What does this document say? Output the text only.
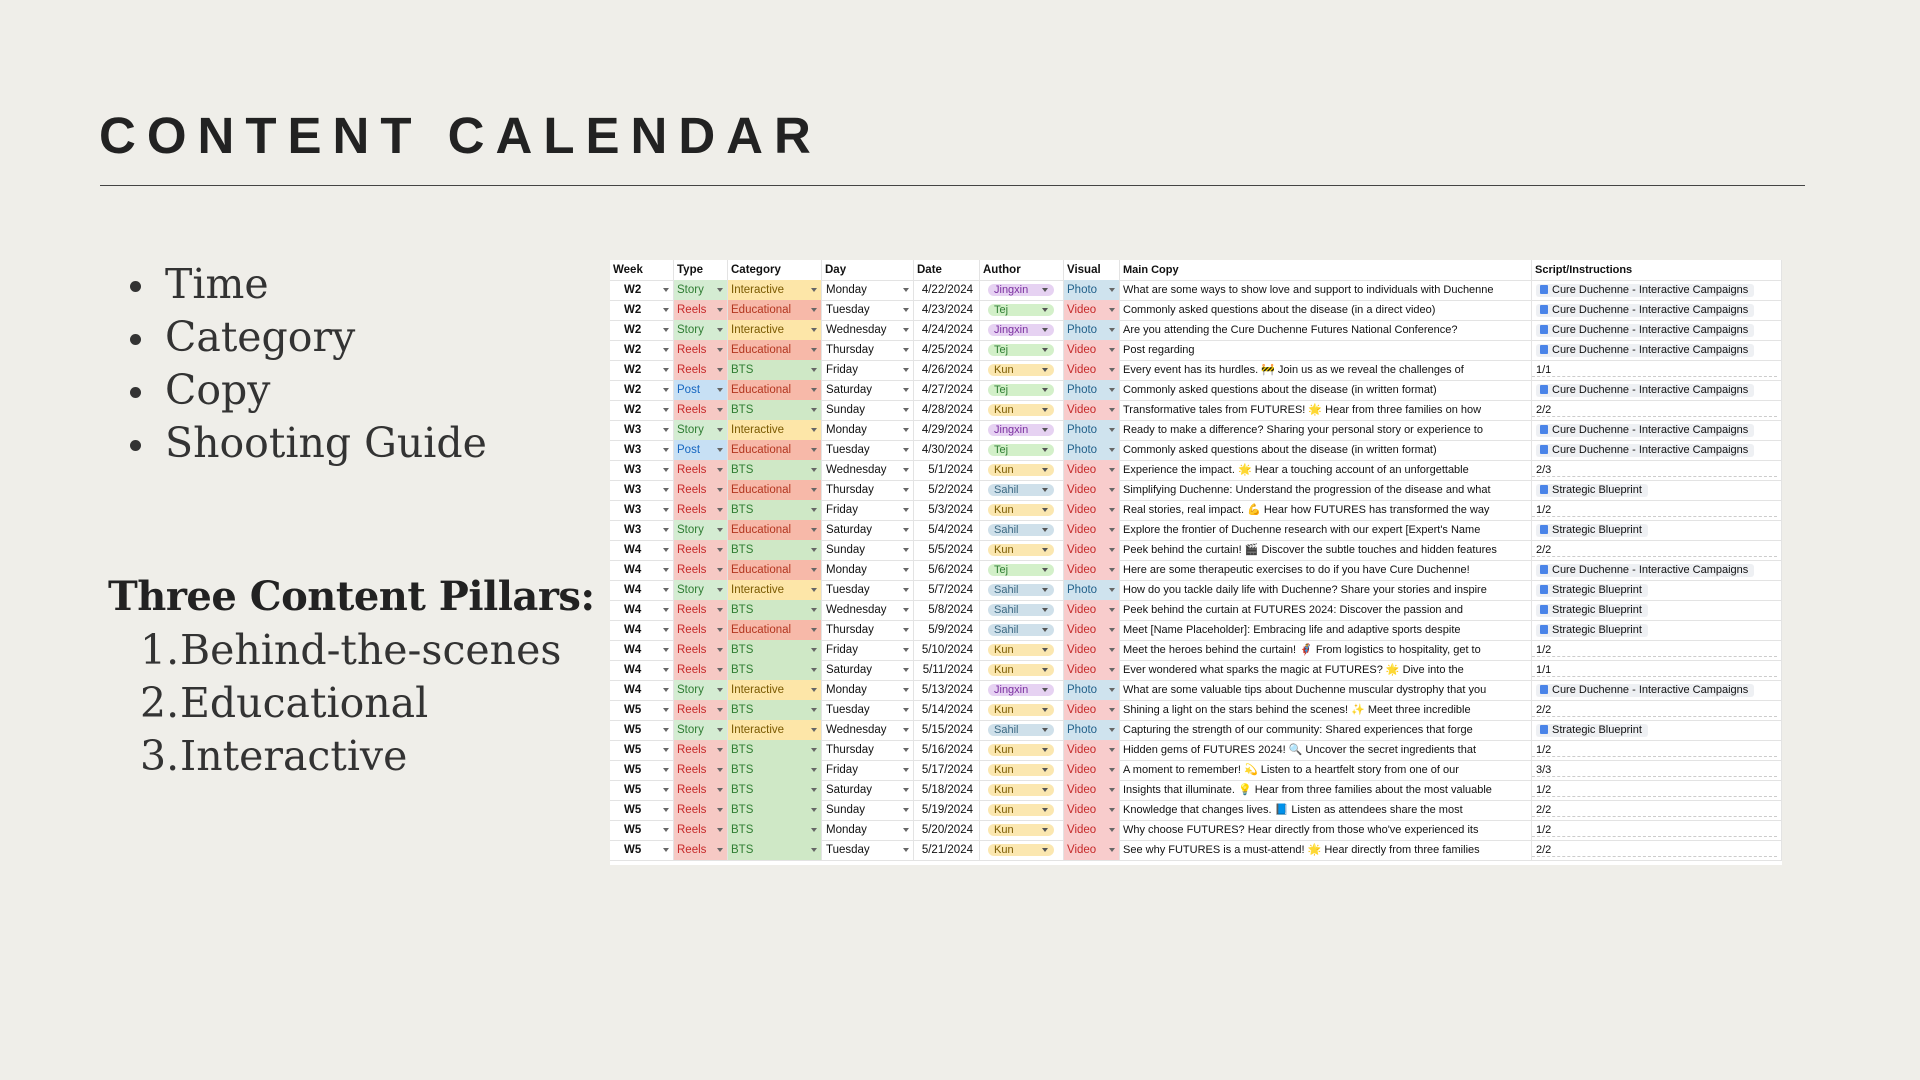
CONTENT CALENDAR
Time
Category
Copy
Shooting Guide
Three Content Pillars:
1.Behind-the-scenes
2.Educational
3.Interactive
Week	Type	Category	Day	Date	Author	Visual	Main Copy	Script/Instructions
W2	Story	Interactive	Monday	4/22/2024	Jingxin	Photo	What are some ways to show love and support to individuals with Duchenne	Cure Duchenne - Interactive Campaigns
W2	Reels	Educational	Tuesday	4/23/2024	Tej	Video	Commonly asked questions about the disease (in a direct video)	Cure Duchenne - Interactive Campaigns
W2	Story	Interactive	Wednesday	4/24/2024	Jingxin	Photo	Are you attending the Cure Duchenne Futures National Conference?	Cure Duchenne - Interactive Campaigns
W2	Reels	Educational	Thursday	4/25/2024	Tej	Video	Post regarding	Cure Duchenne - Interactive Campaigns
W2	Reels	BTS	Friday	4/26/2024	Kun	Video	Every event has its hurdles. 🚧 Join us as we reveal the challenges of	1/1
W2	Post	Educational	Saturday	4/27/2024	Tej	Photo	Commonly asked questions about the disease (in written format)	Cure Duchenne - Interactive Campaigns
W2	Reels	BTS	Sunday	4/28/2024	Kun	Video	Transformative tales from FUTURES! 🌟 Hear from three families on how	2/2
W3	Story	Interactive	Monday	4/29/2024	Jingxin	Photo	Ready to make a difference? Sharing your personal story or experience to	Cure Duchenne - Interactive Campaigns
W3	Post	Educational	Tuesday	4/30/2024	Tej	Photo	Commonly asked questions about the disease (in written format)	Cure Duchenne - Interactive Campaigns
W3	Reels	BTS	Wednesday	5/1/2024	Kun	Video	Experience the impact. 🌟 Hear a touching account of an unforgettable	2/3
W3	Reels	Educational	Thursday	5/2/2024	Sahil	Video	Simplifying Duchenne: Understand the progression of the disease and what	Strategic Blueprint
W3	Reels	BTS	Friday	5/3/2024	Kun	Video	Real stories, real impact. 💪 Hear how FUTURES has transformed the way	1/2
W3	Story	Educational	Saturday	5/4/2024	Sahil	Video	Explore the frontier of Duchenne research with our expert [Expert's Name	Strategic Blueprint
W4	Reels	BTS	Sunday	5/5/2024	Kun	Video	Peek behind the curtain! 🎬 Discover the subtle touches and hidden features	2/2
W4	Reels	Educational	Monday	5/6/2024	Tej	Video	Here are some therapeutic exercises to do if you have Cure Duchenne!	Cure Duchenne - Interactive Campaigns
W4	Story	Interactive	Tuesday	5/7/2024	Sahil	Photo	How do you tackle daily life with Duchenne? Share your stories and inspire	Strategic Blueprint
W4	Reels	BTS	Wednesday	5/8/2024	Sahil	Video	Peek behind the curtain at FUTURES 2024: Discover the passion and	Strategic Blueprint
W4	Reels	Educational	Thursday	5/9/2024	Sahil	Video	Meet [Name Placeholder]: Embracing life and adaptive sports despite	Strategic Blueprint
W4	Reels	BTS	Friday	5/10/2024	Kun	Video	Meet the heroes behind the curtain! 🦸 From logistics to hospitality, get to	1/2
W4	Reels	BTS	Saturday	5/11/2024	Kun	Video	Ever wondered what sparks the magic at FUTURES? 🌟 Dive into the	1/1
W4	Story	Interactive	Monday	5/13/2024	Jingxin	Photo	What are some valuable tips about Duchenne muscular dystrophy that you	Cure Duchenne - Interactive Campaigns
W5	Reels	BTS	Tuesday	5/14/2024	Kun	Video	Shining a light on the stars behind the scenes! ✨ Meet three incredible	2/2
W5	Story	Interactive	Wednesday	5/15/2024	Sahil	Photo	Capturing the strength of our community: Shared experiences that forge	Strategic Blueprint
W5	Reels	BTS	Thursday	5/16/2024	Kun	Video	Hidden gems of FUTURES 2024! 🔍 Uncover the secret ingredients that	1/2
W5	Reels	BTS	Friday	5/17/2024	Kun	Video	A moment to remember! 💫 Listen to a heartfelt story from one of our	3/3
W5	Reels	BTS	Saturday	5/18/2024	Kun	Video	Insights that illuminate. 💡 Hear from three families about the most valuable	1/2
W5	Reels	BTS	Sunday	5/19/2024	Kun	Video	Knowledge that changes lives. 📘 Listen as attendees share the most	2/2
W5	Reels	BTS	Monday	5/20/2024	Kun	Video	Why choose FUTURES? Hear directly from those who've experienced its	1/2
W5	Reels	BTS	Tuesday	5/21/2024	Kun	Video	See why FUTURES is a must-attend! 🌟 Hear directly from three families	2/2
